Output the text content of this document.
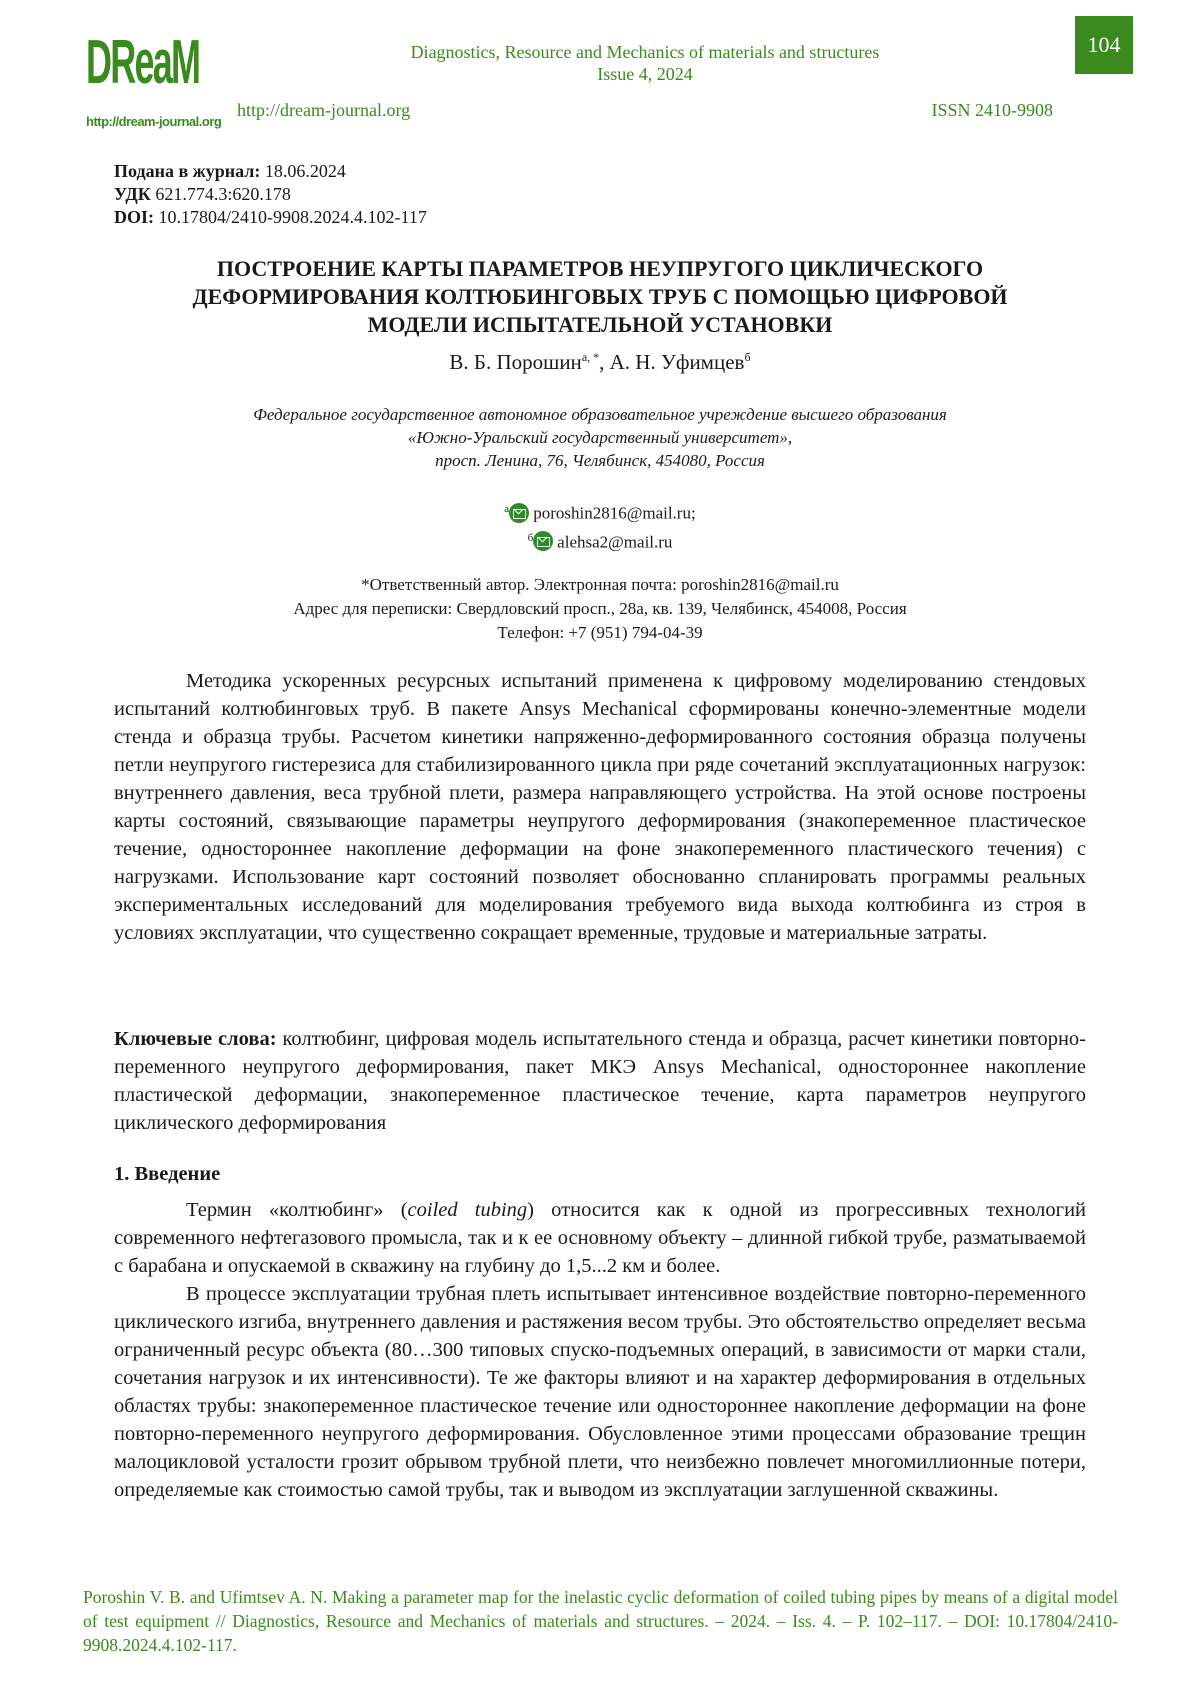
DReaM
http://dream-journal.org
Diagnostics, Resource and Mechanics of materials and structures
Issue 4, 2024
http://dream-journal.org	ISSN 2410-9908
104
Подана в журнал: 18.06.2024
УДК 621.774.3:620.178
DOI: 10.17804/2410-9908.2024.4.102-117
ПОСТРОЕНИЕ КАРТЫ ПАРАМЕТРОВ НЕУПРУГОГО ЦИКЛИЧЕСКОГО
ДЕФОРМИРОВАНИЯ КОЛТЮБИНГОВЫХ ТРУБ С ПОМОЩЬЮ ЦИФРОВОЙ
МОДЕЛИ ИСПЫТАТЕЛЬНОЙ УСТАНОВКИ
В. Б. Порошин$^{а, *}$, А. Н. Уфимцев$^б$
Федеральное государственное автономное образовательное учреждение высшего образования
«Южно-Уральский государственный университет»,
просп. Ленина, 76, Челябинск, 454080, Россия
$^а$ poroshin2816@mail.ru;
$^б$ alehsa2@mail.ru
*Ответственный автор. Электронная почта: poroshin2816@mail.ru
Адрес для переписки: Свердловский просп., 28а, кв. 139, Челябинск, 454008, Россия
Телефон: +7 (951) 794-04-39

Методика ускоренных ресурсных испытаний применена к цифровому моделированию стендовых испытаний колтюбинговых труб. В пакете Ansys Mechanical сформированы конечно-элементные модели стенда и образца трубы. Расчетом кинетики напряженно-деформированного состояния образца получены петли неупругого гистерезиса для стабилизированного цикла при ряде сочетаний эксплуатационных нагрузок: внутреннего давления, веса трубной плети, размера направляющего устройства. На этой основе построены карты состояний, связывающие параметры неупругого деформирования (знакопеременное пластическое течение, одностороннее накопление деформации на фоне знакопеременного пластического течения) с нагрузками. Использование карт состояний позволяет обоснованно спланировать программы реальных экспериментальных исследований для моделирования требуемого вида выхода колтюбинга из строя в условиях эксплуатации, что существенно сокращает временные, трудовые и материальные затраты.

Ключевые слова: колтюбинг, цифровая модель испытательного стенда и образца, расчет кинетики повторно-переменного неупругого деформирования, пакет МКЭ Ansys Mechanical, одностороннее накопление пластической деформации, знакопеременное пластическое течение, карта параметров неупругого циклического деформирования
1. Введение

Термин «колтюбинг» (coiled tubing) относится как к одной из прогрессивных технологий современного нефтегазового промысла, так и к ее основному объекту – длинной гибкой трубе, разматываемой с барабана и опускаемой в скважину на глубину до 1,5...2 км и более.

В процессе эксплуатации трубная плеть испытывает интенсивное воздействие повторно-переменного циклического изгиба, внутреннего давления и растяжения весом трубы. Это обстоятельство определяет весьма ограниченный ресурс объекта (80…300 типовых спуско-подъемных операций, в зависимости от марки стали, сочетания нагрузок и их интенсивности). Те же факторы влияют и на характер деформирования в отдельных областях трубы: знакопеременное пластическое течение или одностороннее накопление деформации на фоне повторно-переменного неупругого деформирования. Обусловленное этими процессами образование трещин малоцикловой усталости грозит обрывом трубной плети, что неизбежно повлечет многомиллионные потери, определяемые как стоимостью самой трубы, так и выводом из эксплуатации заглушенной скважины.

Poroshin V. B. and Ufimtsev A. N. Making a parameter map for the inelastic cyclic deformation of coiled tubing pipes by means of a digital model of test equipment // Diagnostics, Resource and Mechanics of materials and structures. – 2024. – Iss. 4. – P. 102–117. – DOI: 10.17804/2410-9908.2024.4.102-117.
